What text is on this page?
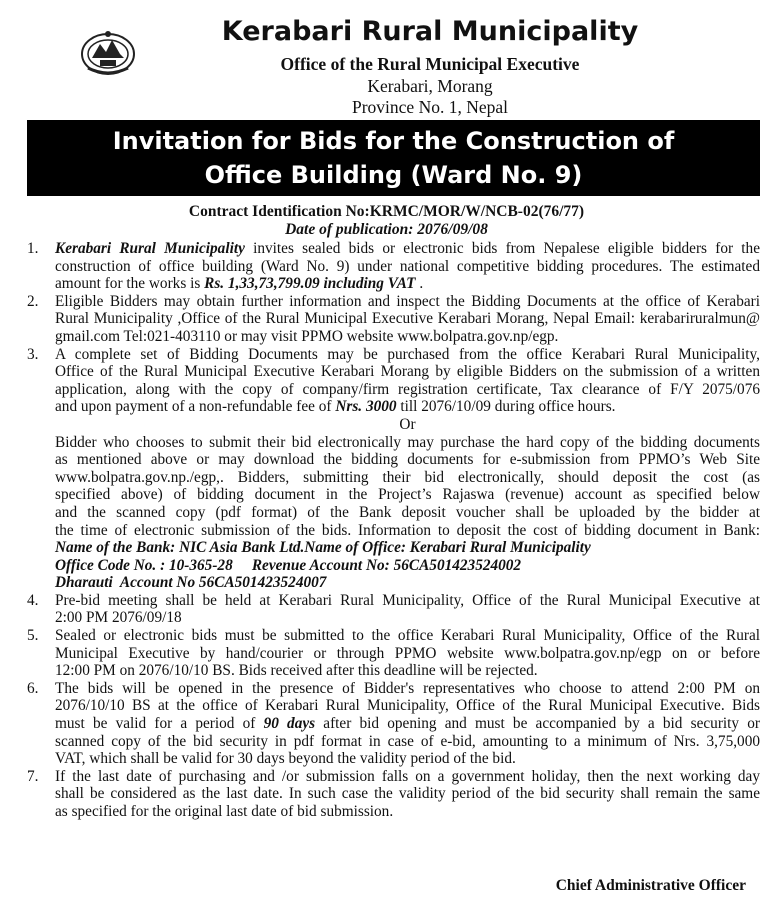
Kerabari Rural Municipality
Office of the Rural Municipal Executive
Kerabari, Morang
Province No. 1, Nepal
Invitation for Bids for the Construction of
Office Building (Ward No. 9)
Contract Identification No:KRMC/MOR/W/NCB-02(76/77)
Date of publication: 2076/09/08
1. Kerabari Rural Municipality invites sealed bids or electronic bids from Nepalese eligible bidders for the
construction of office building (Ward No. 9) under national competitive bidding procedures. The estimated
amount for the works is Rs. 1,33,73,799.09 including VAT .
2. Eligible Bidders may obtain further information and inspect the Bidding Documents at the office of Kerabari
Rural Municipality ,Office of the Rural Municipal Executive Kerabari Morang, Nepal Email: kerabariruralmun@
gmail.com Tel:021-403110 or may visit PPMO website www.bolpatra.gov.np/egp.
3. A complete set of Bidding Documents may be purchased from the office Kerabari Rural Municipality,
Office of the Rural Municipal Executive Kerabari Morang by eligible Bidders on the submission of a written
application, along with the copy of company/firm registration certificate, Tax clearance of F/Y 2075/076
and upon payment of a non-refundable fee of Nrs. 3000 till 2076/10/09 during office hours.
Or
Bidder who chooses to submit their bid electronically may purchase the hard copy of the bidding documents
as mentioned above or may download the bidding documents for e-submission from PPMO’s Web Site
www.bolpatra.gov.np./egp,. Bidders, submitting their bid electronically, should deposit the cost (as
specified above) of bidding document in the Project’s Rajaswa (revenue) account as specified below
and the scanned copy (pdf format) of the Bank deposit voucher shall be uploaded by the bidder at
the time of electronic submission of the bids. Information to deposit the cost of bidding document in Bank:
Name of the Bank: NIC Asia Bank Ltd.Name of Office: Kerabari Rural Municipality
Office Code No. : 10-365-28     Revenue Account No: 56CA501423524002
Dharauti  Account No 56CA501423524007
4. Pre-bid meeting shall be held at Kerabari Rural Municipality, Office of the Rural Municipal Executive at
2:00 PM 2076/09/18
5. Sealed or electronic bids must be submitted to the office Kerabari Rural Municipality, Office of the Rural
Municipal Executive by hand/courier or through PPMO website www.bolpatra.gov.np/egp on or before
12:00 PM on 2076/10/10 BS. Bids received after this deadline will be rejected.
6. The bids will be opened in the presence of Bidder's representatives who choose to attend 2:00 PM on
2076/10/10 BS at the office of Kerabari Rural Municipality, Office of the Rural Municipal Executive. Bids
must be valid for a period of 90 days after bid opening and must be accompanied by a bid security or
scanned copy of the bid security in pdf format in case of e-bid, amounting to a minimum of Nrs. 3,75,000
VAT, which shall be valid for 30 days beyond the validity period of the bid.
7. If the last date of purchasing and /or submission falls on a government holiday, then the next working day
shall be considered as the last date. In such case the validity period of the bid security shall remain the same
as specified for the original last date of bid submission.
Chief Administrative Officer
